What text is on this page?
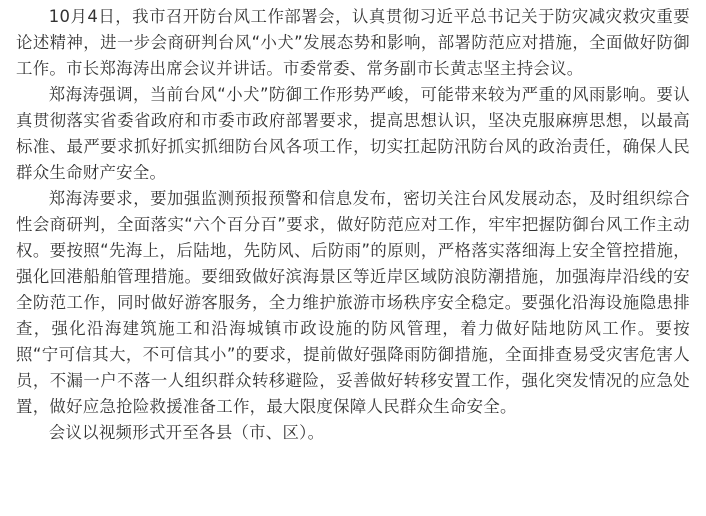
10月4日，我市召开防台风工作部署会，认真贯彻习近平总书记关于防灾减灾救灾重要论述精神，进一步会商研判台风“小犬”发展态势和影响，部署防范应对措施，全面做好防御工作。市长郑海涛出席会议并讲话。市委常委、常务副市长黄志坚主持会议。

郑海涛强调，当前台风“小犬”防御工作形势严峻，可能带来较为严重的风雨影响。要认真贯彻落实省委省政府和市委市政府部署要求，提高思想认识，坚决克服麻痹思想，以最高标准、最严要求抓好抓实抓细防台风各项工作，切实扛起防汛防台风的政治责任，确保人民群众生命财产安全。

郑海涛要求，要加强监测预报预警和信息发布，密切关注台风发展动态，及时组织综合性会商研判，全面落实“六个百分百”要求，做好防范应对工作，牢牢把握防御台风工作主动权。要按照“先海上，后陆地，先防风、后防雨”的原则，严格落实落细海上安全管控措施，强化回港船舶管理措施。要细致做好滨海景区等近岸区域防浪防潮措施，加强海岸沿线的安全防范工作，同时做好游客服务，全力维护旅游市场秩序安全稳定。要强化沿海设施隐患排查，强化沿海建筑施工和沿海城镇市政设施的防风管理，着力做好陆地防风工作。要按照“宁可信其大，不可信其小”的要求，提前做好强降雨防御措施，全面排查易受灾害危害人员，不漏一户不落一人组织群众转移避险，妥善做好转移安置工作，强化突发情况的应急处置，做好应急抢险救援准备工作，最大限度保障人民群众生命安全。

会议以视频形式开至各县（市、区）。
